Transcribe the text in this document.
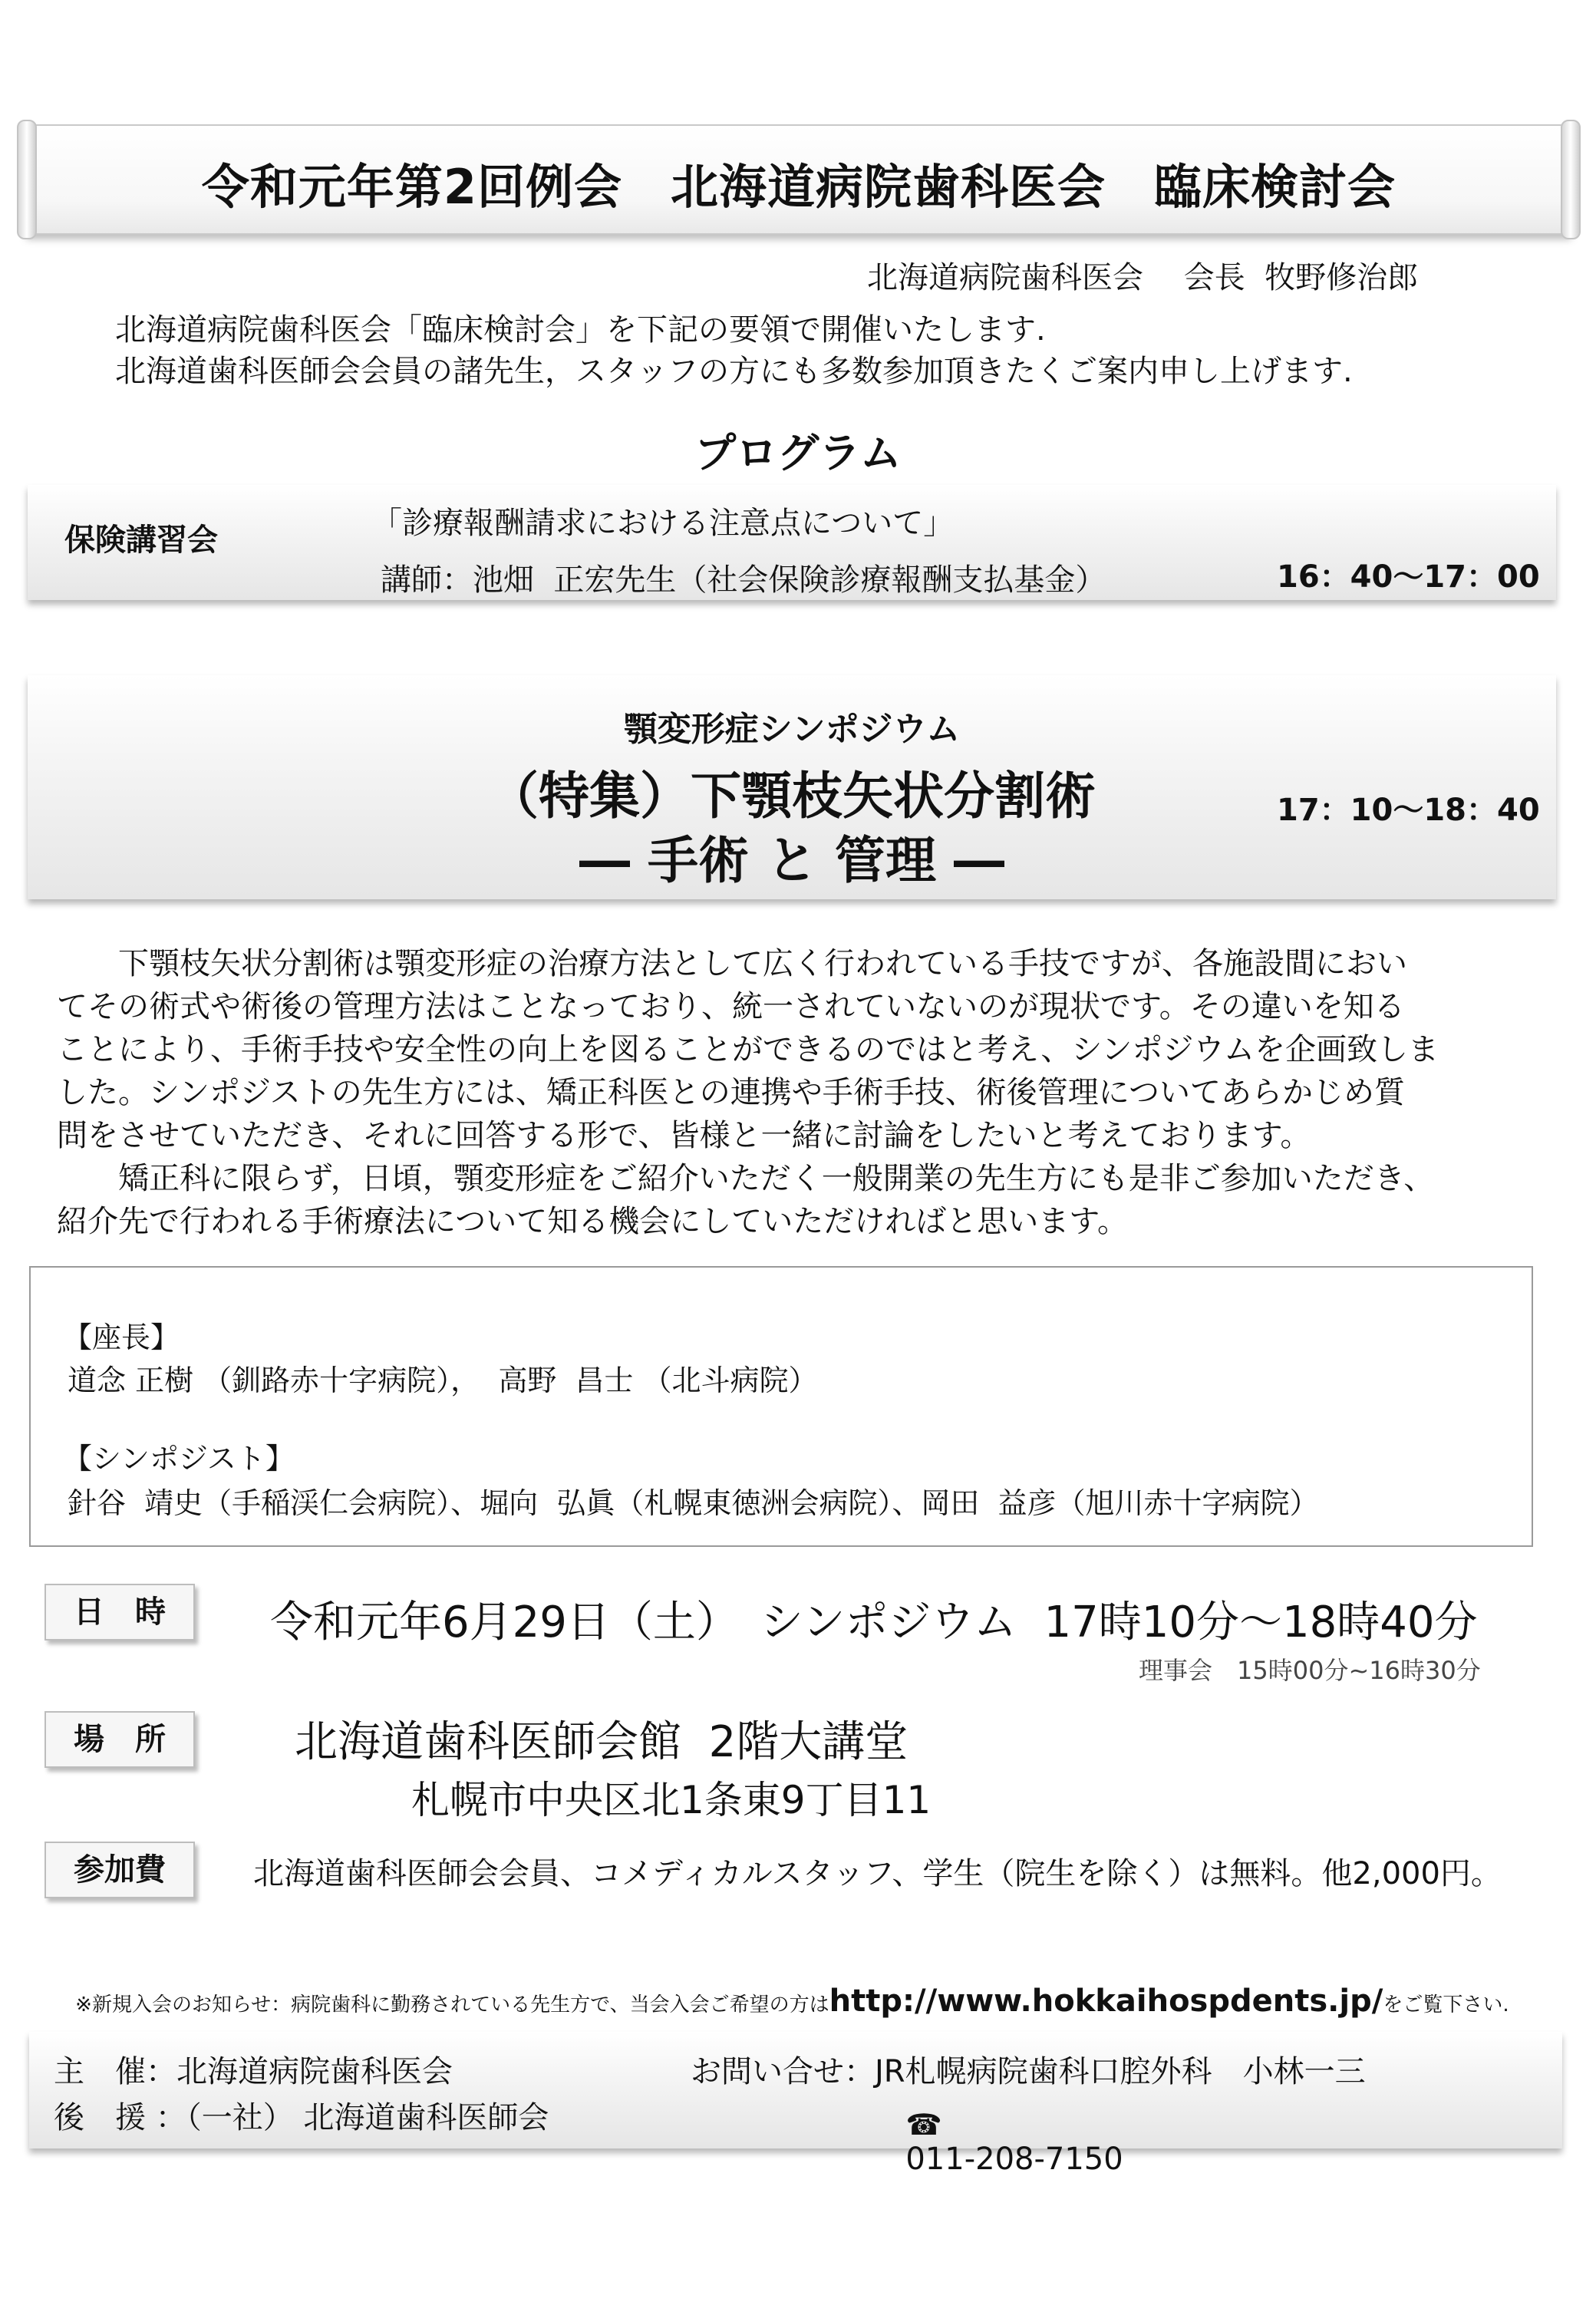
令和元年第2回例会　北海道病院歯科医会　臨床検討会
北海道病院歯科医会　 会長  牧野修治郎
北海道病院歯科医会「臨床検討会」を下記の要領で開催いたします.
北海道歯科医師会会員の諸先生，スタッフの方にも多数参加頂きたくご案内申し上げます.
プログラム
保険講習会	「診療報酬請求における注意点について」
講師：池畑  正宏先生（社会保険診療報酬支払基金）	16：40～17：00
顎変形症シンポジウム
（特集）下顎枝矢状分割術
― 手術 と 管理 ―
17：10～18：40
　　下顎枝矢状分割術は顎変形症の治療方法として広く行われている手技ですが、各施設間におい
てその術式や術後の管理方法はことなっており、統一されていないのが現状です。その違いを知る
ことにより、手術手技や安全性の向上を図ることができるのではと考え、シンポジウムを企画致しま
した。シンポジストの先生方には、矯正科医との連携や手術手技、術後管理についてあらかじめ質
問をさせていただき、それに回答する形で、皆様と一緒に討論をしたいと考えております。
　　矯正科に限らず，日頃，顎変形症をご紹介いただく一般開業の先生方にも是非ご参加いただき、
紹介先で行われる手術療法について知る機会にしていただければと思います。
【座長】
道念 正樹 （釧路赤十字病院），  高野  昌士 （北斗病院）
【シンポジスト】
針谷  靖史（手稲渓仁会病院）、堀向  弘眞（札幌東徳洲会病院）、岡田  益彦（旭川赤十字病院）
日　時	令和元年6月29日（土）　シンポジウム  17時10分～18時40分
理事会　15時00分~16時30分
場　所	北海道歯科医師会館  2階大講堂
札幌市中央区北1条東9丁目11
参加費	北海道歯科医師会会員、コメディカルスタッフ、学生（院生を除く）は無料。他2,000円。

※新規入会のお知らせ：病院歯科に勤務されている先生方で、当会入会ご希望の方はhttp://www.hokkaihospdents.jp/をご覧下さい.

主　催：北海道病院歯科医会
後　援 ：（一社） 北海道歯科医師会
お問い合せ：JR札幌病院歯科口腔外科　小林一三

☎
011-208-7150
